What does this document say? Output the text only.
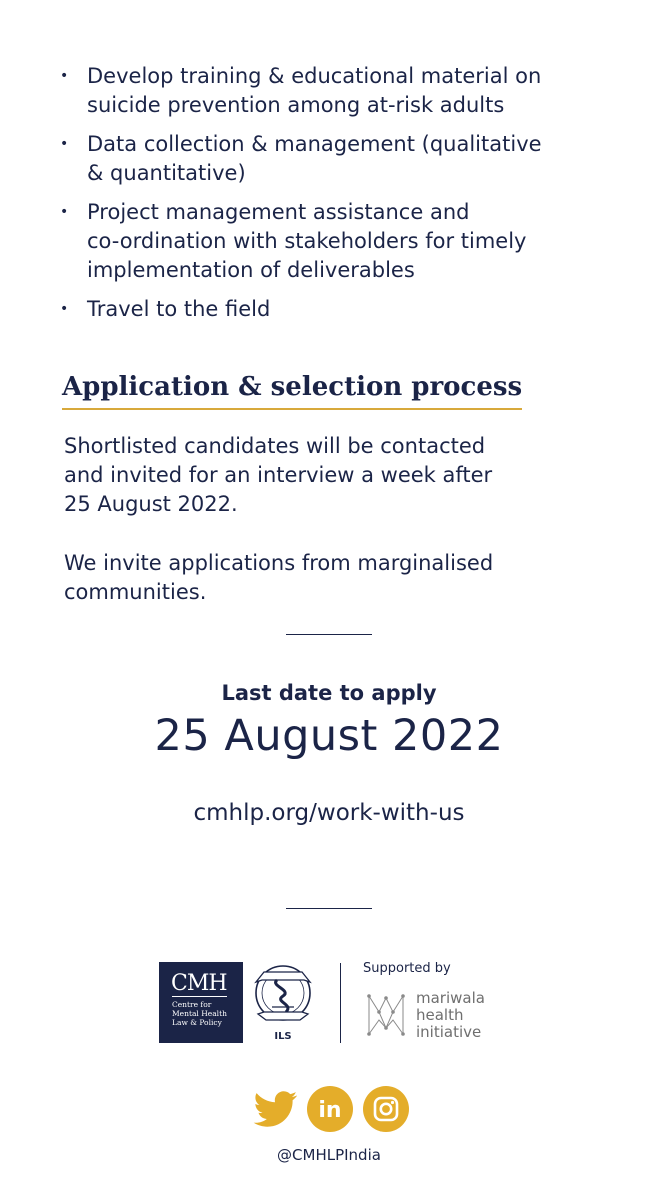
• Develop training & educational material on
suicide prevention among at-risk adults
• Data collection & management (qualitative
& quantitative)
• Project management assistance and
co-ordination with stakeholders for timely
implementation of deliverables
• Travel to the field
Application & selection process

Shortlisted candidates will be contacted
and invited for an interview a week after
25 August 2022.

We invite applications from marginalised
communities.

Last date to apply
25 August 2022
cmhlp.org/work-with-us
CMH
Centre for
Mental Health
Law & Policy
ILS
Supported by
mariwala
health
initiative
in
@CMHLPIndia
